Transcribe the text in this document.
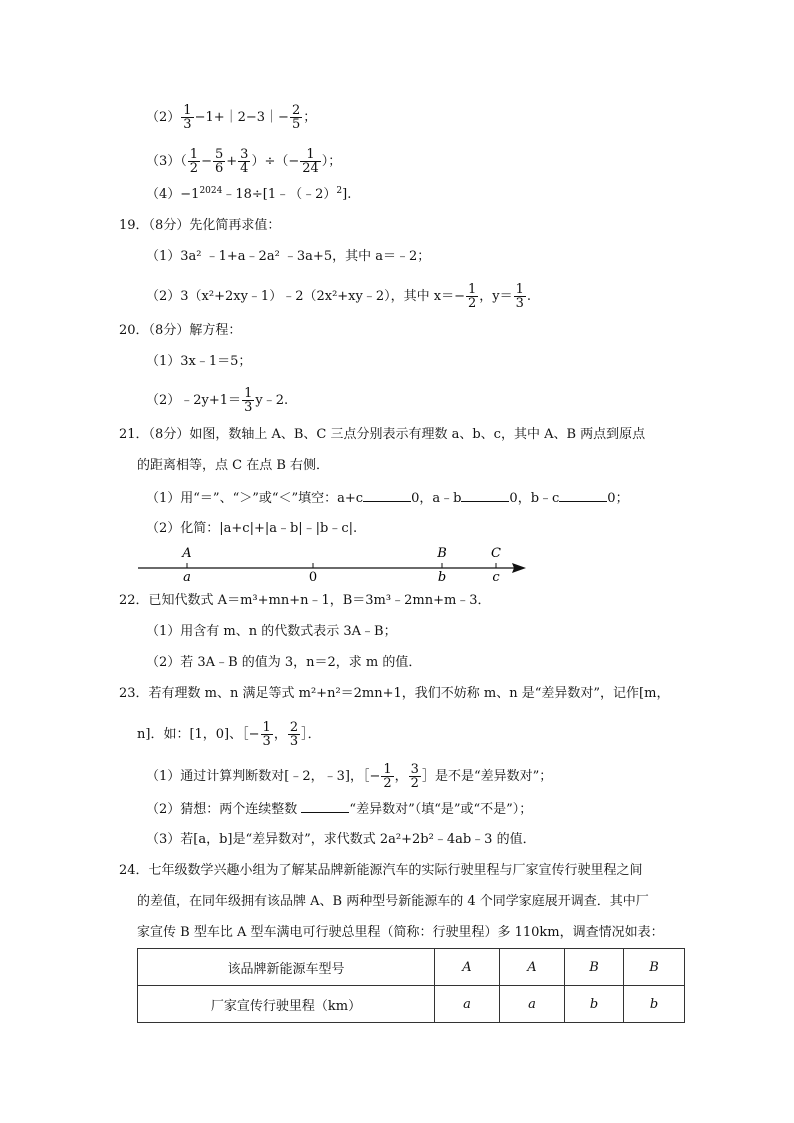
$(2) \frac{1}{3}$ −1+｜2−3｜− $\frac{2}{5}$ ；
$(3)( \frac{1}{2} - \frac{5}{6} + \frac{3}{4}$ ）÷（− $\frac{1}{24}$ ）；
$(4)-1^{2024}﹣18\div[1﹣(﹣2)^2]$.
19．（8分）先化简再求值：
（1）3a² ﹣1+a﹣2a² ﹣3a+5，其中 a＝﹣2；
（2）3（x²+2xy﹣1）﹣2（2x²+xy﹣2），其中 $x=- \frac{1}{2}$ ，$y= \frac{1}{3}$ .
20．（8分）解方程：
（1）3x﹣1＝5；
（2）﹣2y+1＝ $\frac{1}{3}$ y﹣2.
21．（8分）如图，数轴上 A、B、C 三点分别表示有理数 a、b、c，其中 A、B 两点到原点
的距离相等，点 C 在点 B 右侧．
（1）用“＝”、“＞”或“＜”填空：a+c	0，a﹣b	0，b﹣c	0；
（2）化简：|a+c|+|a﹣b|﹣|b﹣c|.
A	B	C
a	0	b	c
22．已知代数式 A＝m³+mn+n﹣1，B＝3m³﹣2mn+m﹣3．
（1）用含有 m、n 的代数式表示 3A﹣B；
（2）若 3A﹣B 的值为 3，n＝2，求 m 的值．
23．若有理数 m、n 满足等式 m²+n²＝2mn+1，我们不妨称 m、n 是“差异数对”，记作[m，
n]．如：[1，0]、［− $\frac{1}{3}$ ， $\frac{2}{3}$ ］．
（1）通过计算判断数对[﹣2，﹣3]，［− $\frac{1}{2}$ ， $\frac{3}{2}$ ］是不是“差异数对”；
（2）猜想：两个连续整数	“差异数对”（填“是”或“不是”）；
（3）若[a，b]是“差异数对”，求代数式 2a²+2b²﹣4ab﹣3 的值．
24．七年级数学兴趣小组为了解某品牌新能源汽车的实际行驶里程与厂家宣传行驶里程之间
的差值，在同年级拥有该品牌 A、B 两种型号新能源车的 4 个同学家庭展开调查．其中厂
家宣传 B 型车比 A 型车满电可行驶总里程（简称：行驶里程）多 110km，调查情况如表：
该品牌新能源车型号	A	A	B	B
厂家宣传行驶里程（km）	a	a	b	b
